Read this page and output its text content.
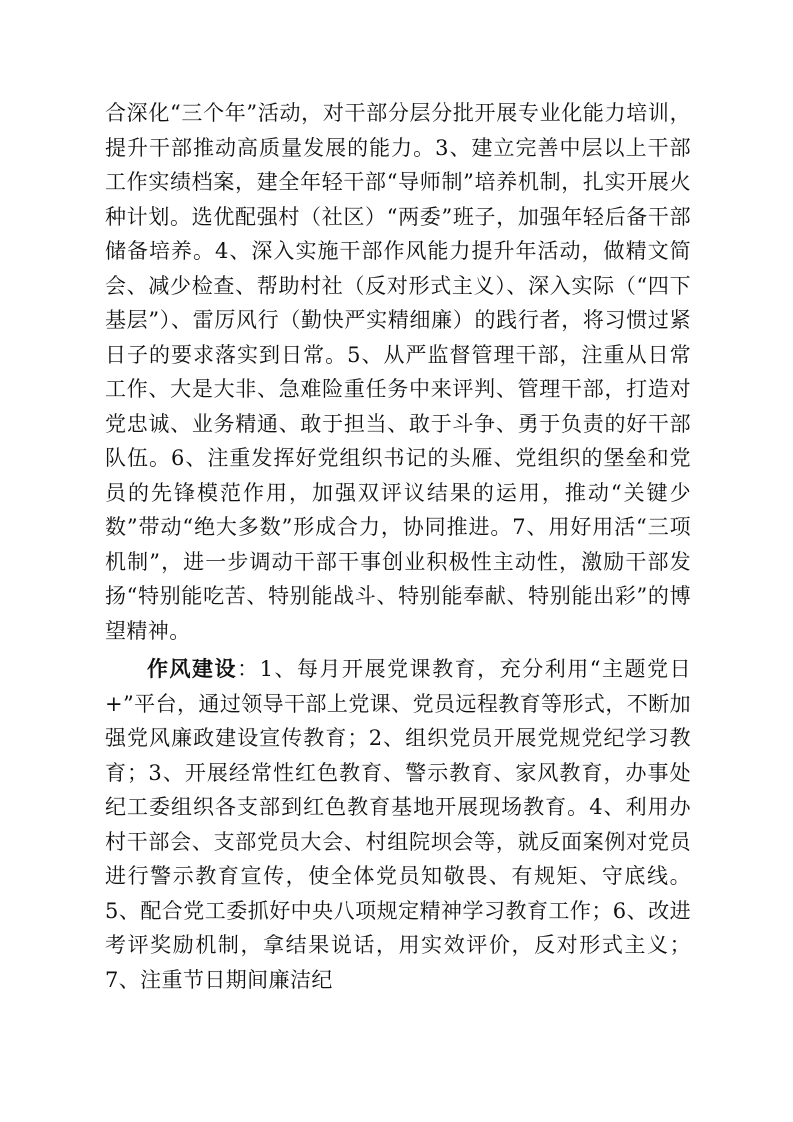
合深化“三个年”活动，对干部分层分批开展专业化能力培训，提升干部推动高质量发展的能力。3、建立完善中层以上干部工作实绩档案，建全年轻干部“导师制”培养机制，扎实开展火种计划。选优配强村（社区）“两委”班子，加强年轻后备干部储备培养。4、深入实施干部作风能力提升年活动，做精文简会、减少检查、帮助村社（反对形式主义）、深入实际（“四下基层”）、雷厉风行（勤快严实精细廉）的践行者，将习惯过紧日子的要求落实到日常。5、从严监督管理干部，注重从日常工作、大是大非、急难险重任务中来评判、管理干部，打造对党忠诚、业务精通、敢于担当、敢于斗争、勇于负责的好干部队伍。6、注重发挥好党组织书记的头雁、党组织的堡垒和党员的先锋模范作用，加强双评议结果的运用，推动“关键少数”带动“绝大多数”形成合力，协同推进。7、用好用活“三项机制”，进一步调动干部干事创业积极性主动性，激励干部发扬“特别能吃苦、特别能战斗、特别能奉献、特别能出彩”的博望精神。

作风建设：1、每月开展党课教育，充分利用“主题党日+”平台，通过领导干部上党课、党员远程教育等形式，不断加强党风廉政建设宣传教育；2、组织党员开展党规党纪学习教育；3、开展经常性红色教育、警示教育、家风教育，办事处纪工委组织各支部到红色教育基地开展现场教育。4、利用办村干部会、支部党员大会、村组院坝会等，就反面案例对党员进行警示教育宣传，使全体党员知敬畏、有规矩、守底线。5、配合党工委抓好中央八项规定精神学习教育工作；6、改进考评奖励机制，拿结果说话，用实效评价，反对形式主义；7、注重节日期间廉洁纪
